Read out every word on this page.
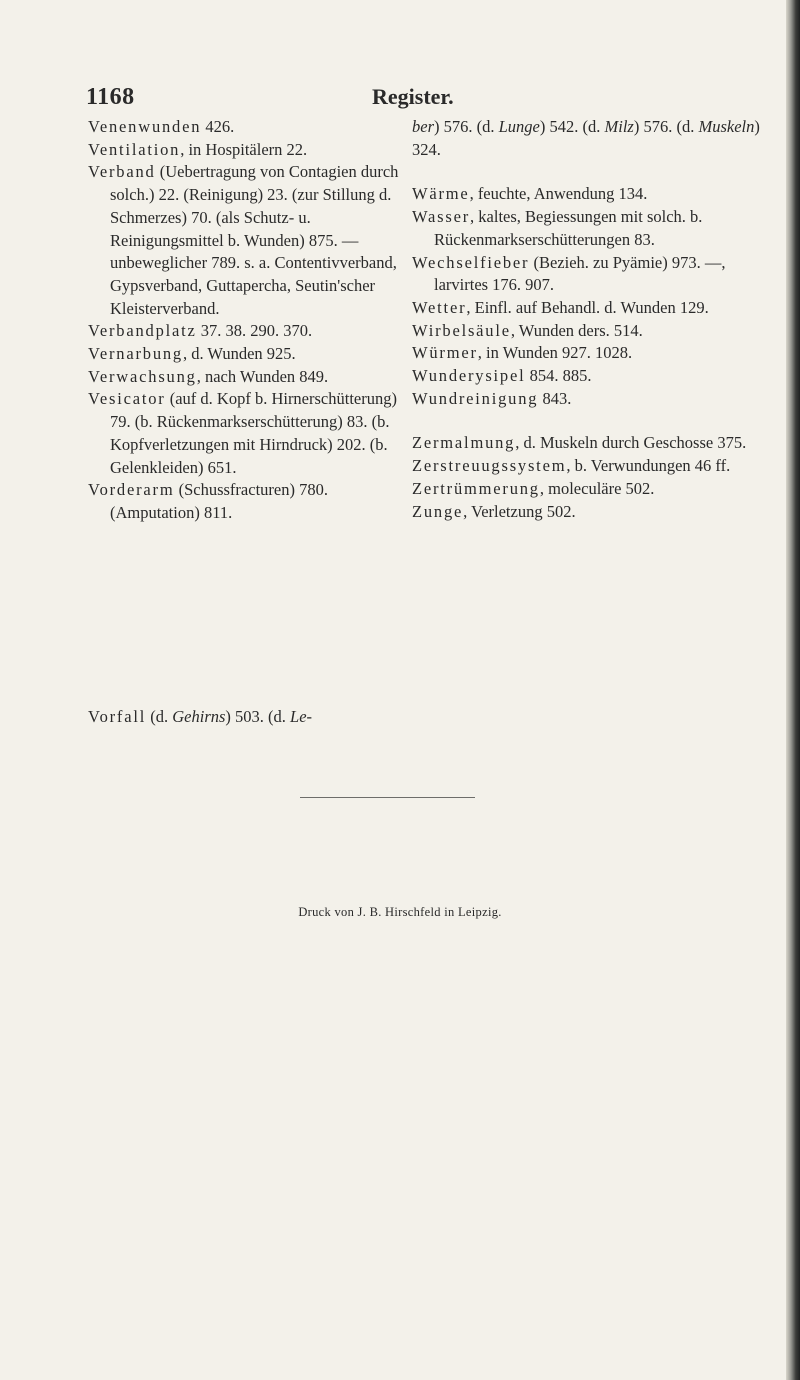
1168	Register.

Venenwunden 426.

Ventilation, in Hospitälern 22.

Verband (Uebertragung von Contagien durch solch.) 22. (Reinigung) 23. (zur Stillung d. Schmerzes) 70. (als Schutz- u. Reinigungsmittel b. Wunden) 875. — unbeweglicher 789. s. a. Contentivverband, Gypsverband, Guttapercha, Seutin'scher Kleisterverband.

Verbandplatz 37. 38. 290. 370.

Vernarbung, d. Wunden 925.

Verwachsung, nach Wunden 849.

Vesicator (auf d. Kopf b. Hirnerschütterung) 79. (b. Rückenmarkserschütterung) 83. (b. Kopfverletzungen mit Hirndruck) 202. (b. Gelenkleiden) 651.

Vorderarm (Schussfracturen) 780. (Amputation) 811.

Vorfall (d. Gehirns) 503. (d. Le-

ber) 576. (d. Lunge) 542. (d. Milz) 576. (d. Muskeln) 324.

Wärme, feuchte, Anwendung 134.

Wasser, kaltes, Begiessungen mit solch. b. Rückenmarkserschütterungen 83.

Wechselfieber (Bezieh. zu Pyämie) 973. —, larvirtes 176. 907.

Wetter, Einfl. auf Behandl. d. Wunden 129.

Wirbelsäule, Wunden ders. 514.

Würmer, in Wunden 927. 1028.

Wunderysipel 854. 885.

Wundreinigung 843.

Zermalmung, d. Muskeln durch Geschosse 375.

Zerstreuugssystem, b. Verwundungen 46 ff.

Zertrümmerung, moleculäre 502.

Zunge, Verletzung 502.

Druck von J. B. Hirschfeld in Leipzig.
